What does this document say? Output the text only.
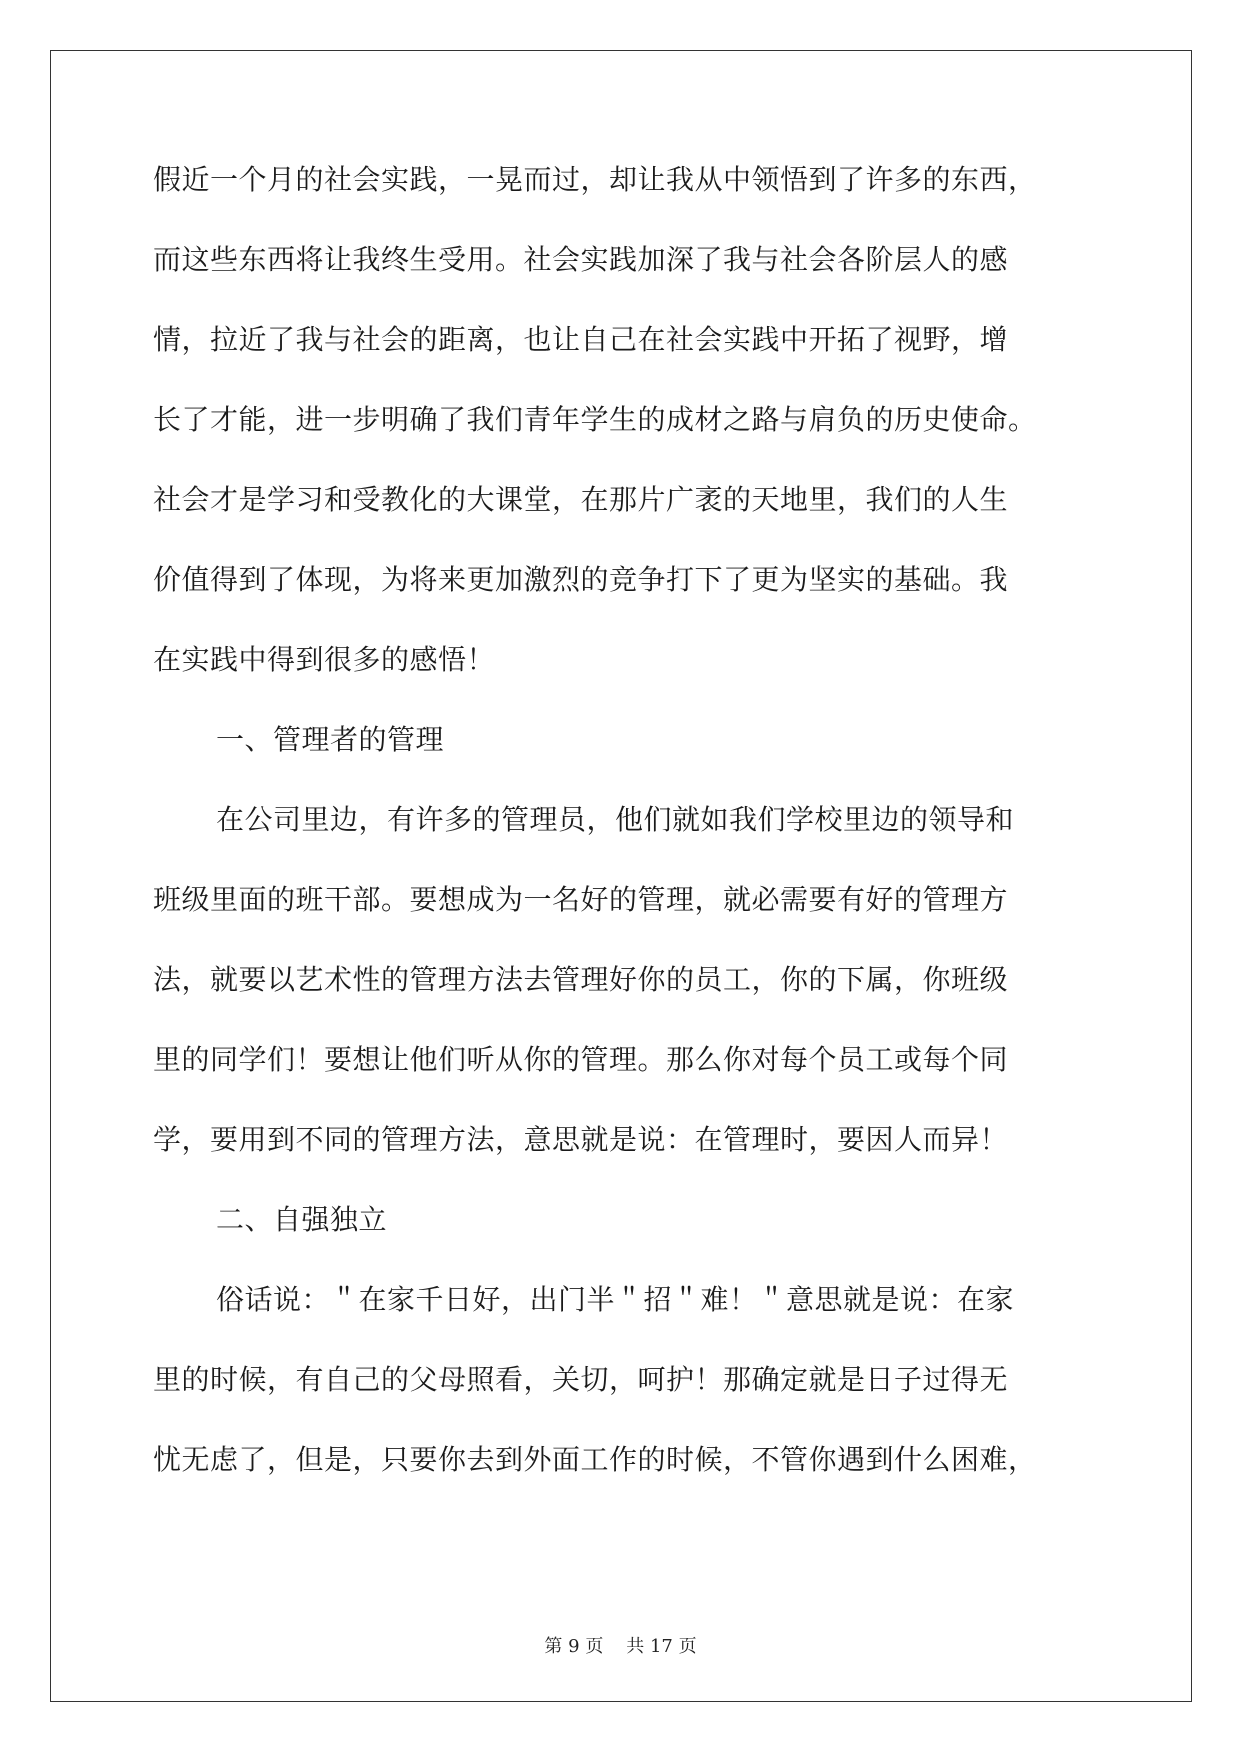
假近一个月的社会实践，一晃而过，却让我从中领悟到了许多的东西，
而这些东西将让我终生受用。社会实践加深了我与社会各阶层人的感
情，拉近了我与社会的距离，也让自己在社会实践中开拓了视野，增
长了才能，进一步明确了我们青年学生的成材之路与肩负的历史使命。
社会才是学习和受教化的大课堂，在那片广袤的天地里，我们的人生
价值得到了体现，为将来更加激烈的竞争打下了更为坚实的基础。我
在实践中得到很多的感悟！
一、管理者的管理
在公司里边，有许多的管理员，他们就如我们学校里边的领导和
班级里面的班干部。要想成为一名好的管理，就必需要有好的管理方
法，就要以艺术性的管理方法去管理好你的员工，你的下属，你班级
里的同学们！要想让他们听从你的管理。那么你对每个员工或每个同
学，要用到不同的管理方法，意思就是说：在管理时，要因人而异！
二、自强独立
俗话说：＂在家千日好，出门半＂招＂难！＂意思就是说：在家
里的时候，有自己的父母照看，关切，呵护！那确定就是日子过得无
忧无虑了，但是，只要你去到外面工作的时候，不管你遇到什么困难，
第 9 页 共 17 页
